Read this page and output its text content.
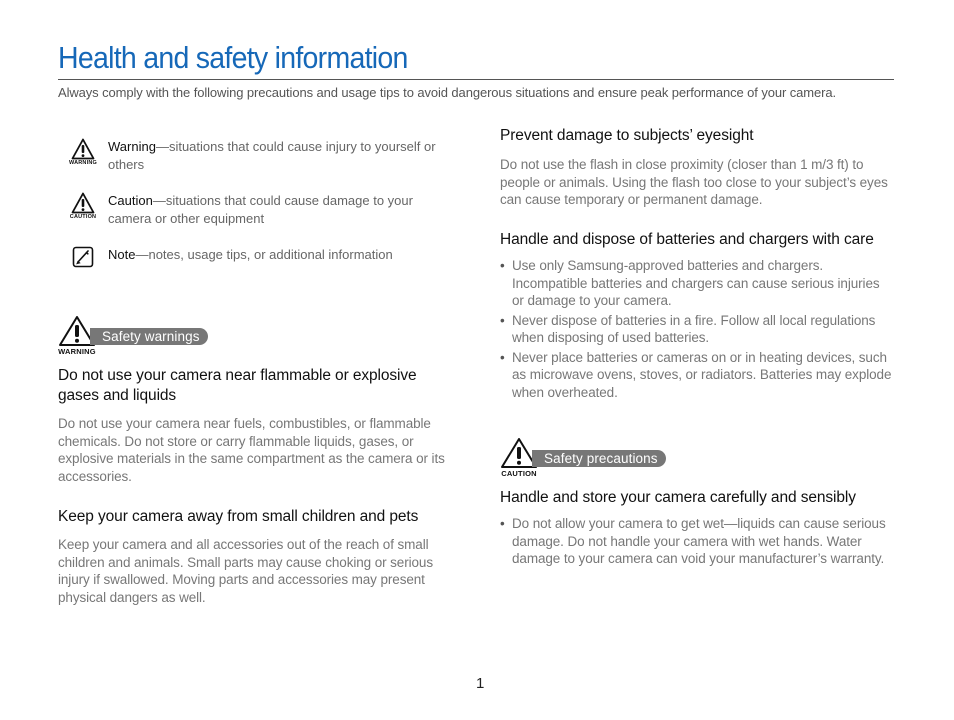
Health and safety information
Always comply with the following precautions and usage tips to avoid dangerous situations and ensure peak performance of your camera.
WARNING
Warning—situations that could cause injury to yourself or others
CAUTION
Caution—situations that could cause damage to your camera or other equipment
Note—notes, usage tips, or additional information
WARNING
Safety warnings
Do not use your camera near flammable or explosive gases and liquids
Do not use your camera near fuels, combustibles, or flammable chemicals. Do not store or carry flammable liquids, gases, or explosive materials in the same compartment as the camera or its accessories.
Keep your camera away from small children and pets
Keep your camera and all accessories out of the reach of small children and animals. Small parts may cause choking or serious injury if swallowed. Moving parts and accessories may present physical dangers as well.
Prevent damage to subjects’ eyesight
Do not use the flash in close proximity (closer than 1 m/3 ft) to people or animals. Using the flash too close to your subject’s eyes can cause temporary or permanent damage.
Handle and dispose of batteries and chargers with care
• Use only Samsung-approved batteries and chargers. Incompatible batteries and chargers can cause serious injuries or damage to your camera.
• Never dispose of batteries in a fire. Follow all local regulations when disposing of used batteries.
• Never place batteries or cameras on or in heating devices, such as microwave ovens, stoves, or radiators. Batteries may explode when overheated.
CAUTION
Safety precautions
Handle and store your camera carefully and sensibly
• Do not allow your camera to get wet—liquids can cause serious damage. Do not handle your camera with wet hands. Water damage to your camera can void your manufacturer’s warranty.
1
